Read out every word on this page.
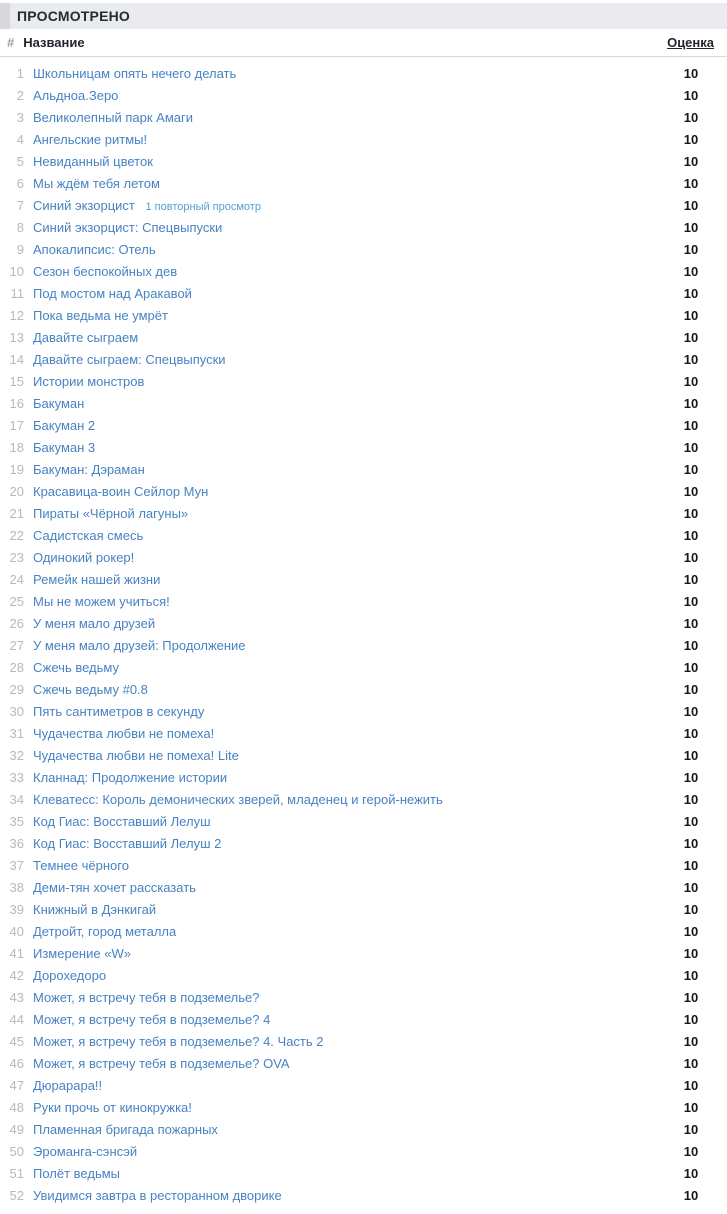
ПРОСМОТРЕНО
# Название	Оценка
1 Школьницам опять нечего делать	10
2 Альдноа.Зеро	10
3 Великолепный парк Амаги	10
4 Ангельские ритмы!	10
5 Невиданный цветок	10
6 Мы ждём тебя летом	10
7 Синий экзорцист 1 повторный просмотр	10
8 Синий экзорцист: Спецвыпуски	10
9 Апокалипсис: Отель	10
10 Сезон беспокойных дев	10
11 Под мостом над Аракавой	10
12 Пока ведьма не умрёт	10
13 Давайте сыграем	10
14 Давайте сыграем: Спецвыпуски	10
15 Истории монстров	10
16 Бакуман	10
17 Бакуман 2	10
18 Бакуман 3	10
19 Бакуман: Дэраман	10
20 Красавица-воин Сейлор Мун	10
21 Пираты «Чёрной лагуны»	10
22 Садистская смесь	10
23 Одинокий рокер!	10
24 Ремейк нашей жизни	10
25 Мы не можем учиться!	10
26 У меня мало друзей	10
27 У меня мало друзей: Продолжение	10
28 Сжечь ведьму	10
29 Сжечь ведьму #0.8	10
30 Пять сантиметров в секунду	10
31 Чудачества любви не помеха!	10
32 Чудачества любви не помеха! Lite	10
33 Кланнад: Продолжение истории	10
34 Клеватесс: Король демонических зверей, младенец и герой-нежить	10
35 Код Гиас: Восставший Лелуш	10
36 Код Гиас: Восставший Лелуш 2	10
37 Темнее чёрного	10
38 Деми-тян хочет рассказать	10
39 Книжный в Дэнкигай	10
40 Детройт, город металла	10
41 Измерение «W»	10
42 Дорохедоро	10
43 Может, я встречу тебя в подземелье?	10
44 Может, я встречу тебя в подземелье? 4	10
45 Может, я встречу тебя в подземелье? 4. Часть 2	10
46 Может, я встречу тебя в подземелье? OVA	10
47 Дюрарара!!	10
48 Руки прочь от кинокружка!	10
49 Пламенная бригада пожарных	10
50 Эроманга-сэнсэй	10
51 Полёт ведьмы	10
52 Увидимся завтра в ресторанном дворике	10
